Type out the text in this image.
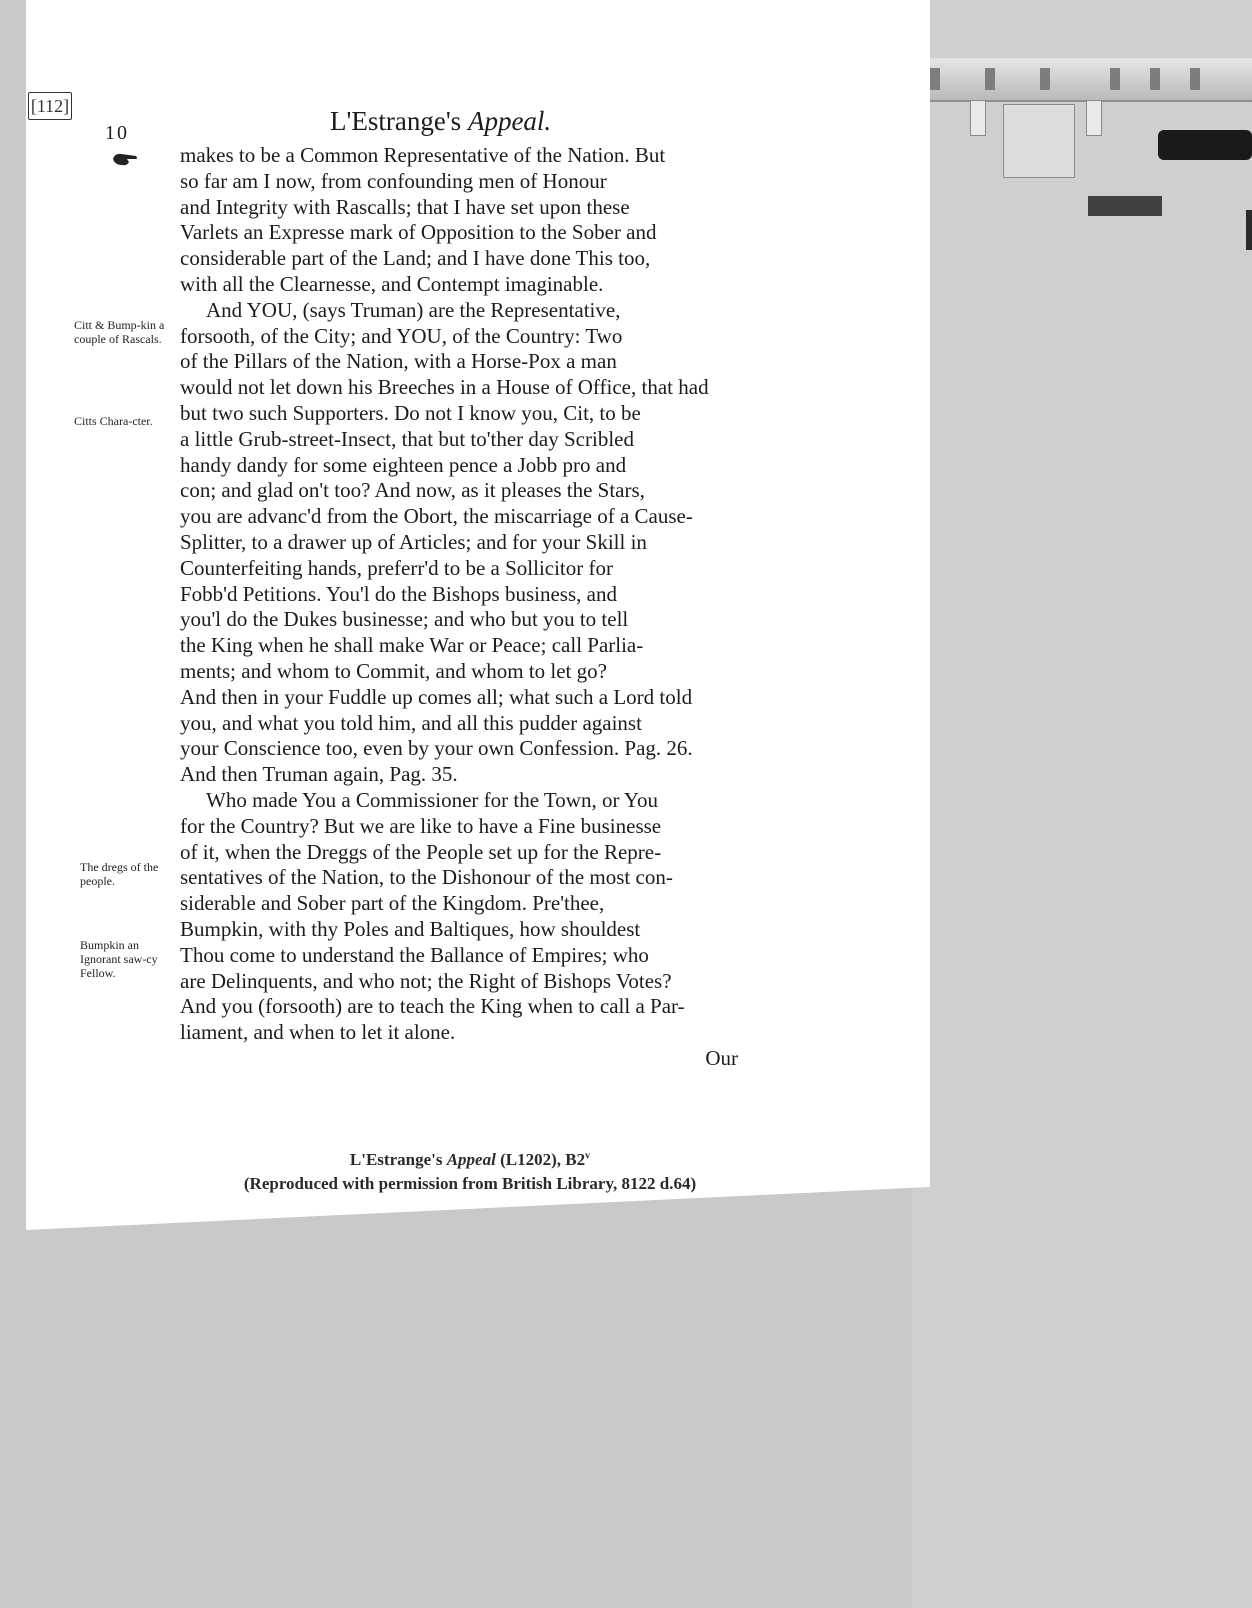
[112]
10	L'Estrange's Appeal.
makes to be a Common Representative of the Nation. But
so far am I now, from confounding men of Honour
and Integrity with Rascalls; that I have set upon these
Varlets an Expresse mark of Opposition to the Sober and
considerable part of the Land; and I have done This too,
with all the Clearnesse, and Contempt imaginable.
And YOU, (says Truman) are the Representative,
forsooth, of the City; and YOU, of the Country: Two
of the Pillars of the Nation, with a Horse-Pox a man
would not let down his Breeches in a House of Office, that had
but two such Supporters. Do not I know you, Cit, to be
a little Grub-street-Insect, that but to'ther day Scribled
handy dandy for some eighteen pence a Jobb pro and
con; and glad on't too? And now, as it pleases the Stars,
you are advanc'd from the Obort, the miscarriage of a Cause-
Splitter, to a drawer up of Articles; and for your Skill in
Counterfeiting hands, preferr'd to be a Sollicitor for
Fobb'd Petitions. You'l do the Bishops business, and
you'l do the Dukes businesse; and who but you to tell
the King when he shall make War or Peace; call Parlia-
ments; and whom to Commit, and whom to let go?
And then in your Fuddle up comes all; what such a Lord told
you, and what you told him, and all this pudder against
your Conscience too, even by your own Confession. Pag. 26.
And then Truman again, Pag. 35.
Who made You a Commissioner for the Town, or You
for the Country? But we are like to have a Fine businesse
of it, when the Dreggs of the People set up for the Repre-
sentatives of the Nation, to the Dishonour of the most con-
siderable and Sober part of the Kingdom. Pre'thee,
Bumpkin, with thy Poles and Baltiques, how shouldest
Thou come to understand the Ballance of Empires; who
are Delinquents, and who not; the Right of Bishops Votes?
And you (forsooth) are to teach the King when to call a Par-
liament, and when to let it alone.
Our
Citt & Bump-kin a couple of Rascals.
Citts Chara-cter.
The dregs of the people.
Bumpkin an Ignorant saw-cy Fellow.
L'Estrange's Appeal (L1202), B2$^v$
(Reproduced with permission from British Library, 8122 d.64)
